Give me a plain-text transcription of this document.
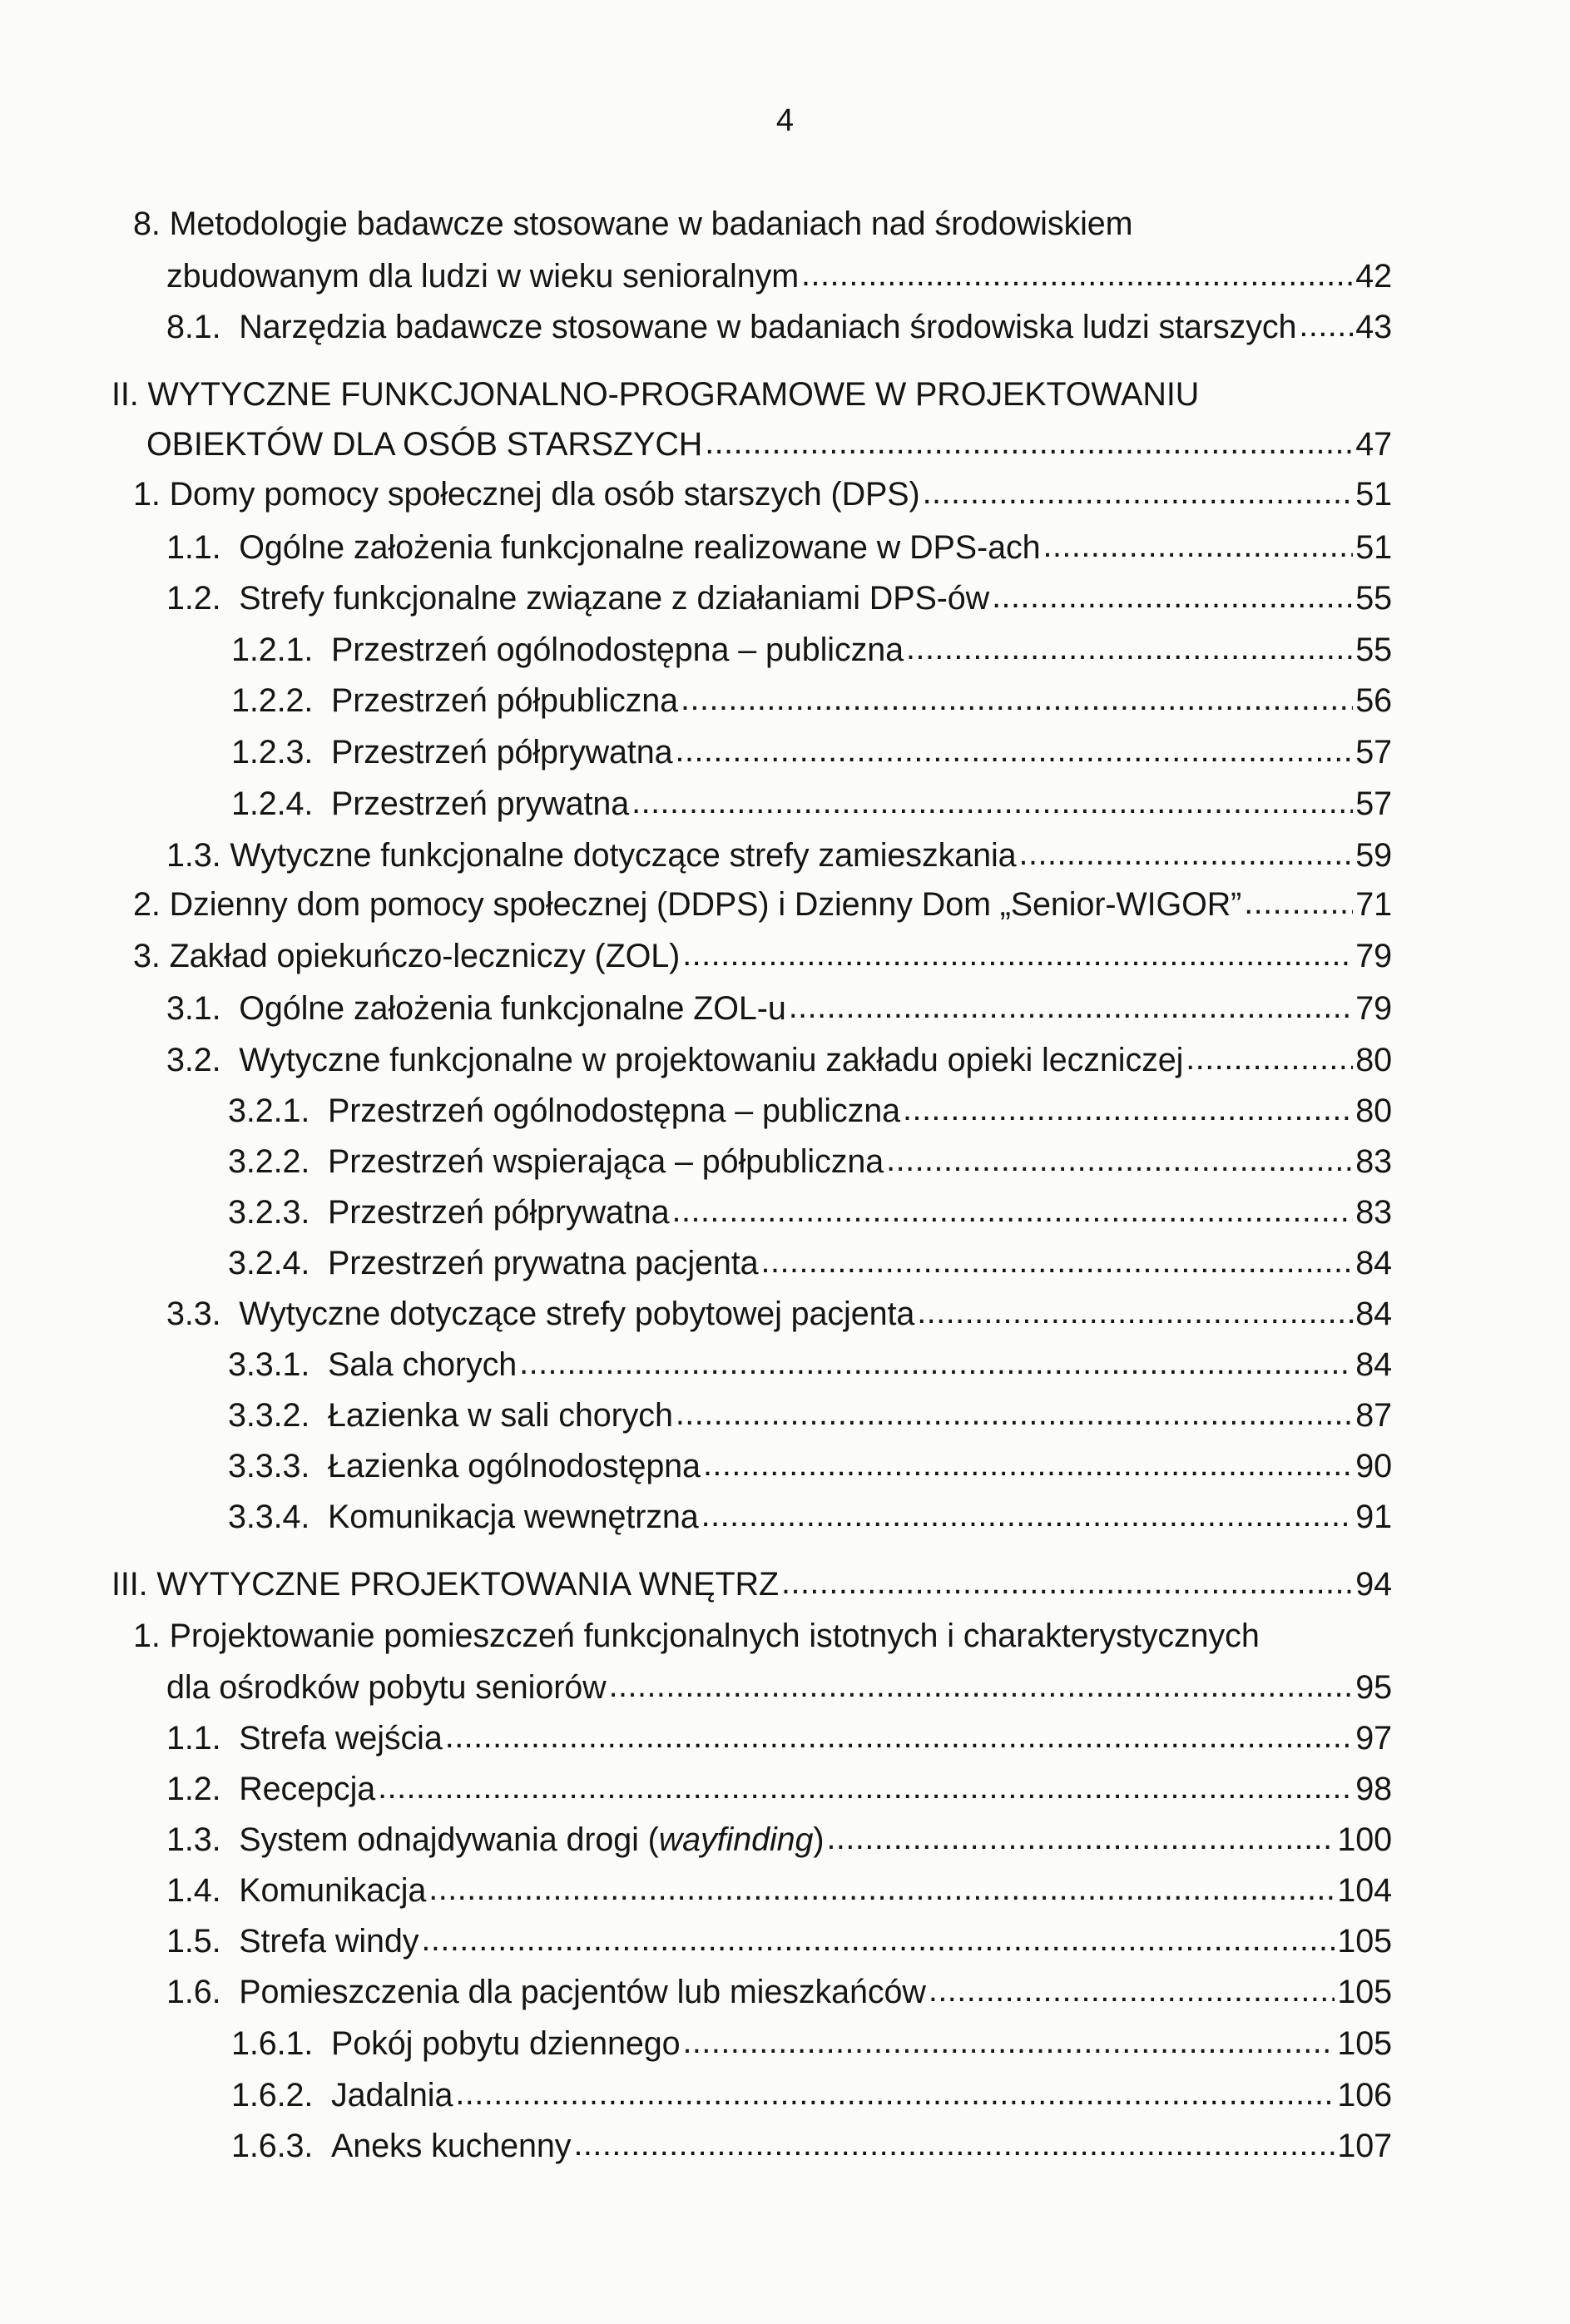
4
8. Metodologie badawcze stosowane w badaniach nad środowiskiem
zbudowanym dla ludzi w wieku senioralnym .....	42
8.1. Narzędzia badawcze stosowane w badaniach środowiska ludzi starszych ..... 43
II. WYTYCZNE FUNKCJONALNO-PROGRAMOWE W PROJEKTOWANIU
OBIEKTÓW DLA OSÓB STARSZYCH .....	47
1. Domy pomocy społecznej dla osób starszych (DPS) .....	51
1.1. Ogólne założenia funkcjonalne realizowane w DPS-ach .....	51
1.2. Strefy funkcjonalne związane z działaniami DPS-ów .....	55
1.2.1. Przestrzeń ogólnodostępna – publiczna .....	55
1.2.2. Przestrzeń półpubliczna .....	56
1.2.3. Przestrzeń półprywatna .....	57
1.2.4. Przestrzeń prywatna .....	57
1.3. Wytyczne funkcjonalne dotyczące strefy zamieszkania .....	59
2. Dzienny dom pomocy społecznej (DDPS) i Dzienny Dom „Senior-WIGOR” .....	71
3. Zakład opiekuńczo-leczniczy (ZOL) .....	79
3.1. Ogólne założenia funkcjonalne ZOL-u .....	79
3.2. Wytyczne funkcjonalne w projektowaniu zakładu opieki leczniczej .....	80
3.2.1. Przestrzeń ogólnodostępna – publiczna .....	80
3.2.2. Przestrzeń wspierająca – półpubliczna .....	83
3.2.3. Przestrzeń półprywatna .....	83
3.2.4. Przestrzeń prywatna pacjenta .....	84
3.3. Wytyczne dotyczące strefy pobytowej pacjenta .....	84
3.3.1. Sala chorych .....	84
3.3.2. Łazienka w sali chorych .....	87
3.3.3. Łazienka ogólnodostępna .....	90
3.3.4. Komunikacja wewnętrzna .....	91
III. WYTYCZNE PROJEKTOWANIA WNĘTRZ .....	94
1. Projektowanie pomieszczeń funkcjonalnych istotnych i charakterystycznych
dla ośrodków pobytu seniorów .....	95
1.1. Strefa wejścia .....	97
1.2. Recepcja .....	98
1.3. System odnajdywania drogi (wayfinding) .....	100
1.4. Komunikacja .....	104
1.5. Strefa windy .....	105
1.6. Pomieszczenia dla pacjentów lub mieszkańców .....	105
1.6.1. Pokój pobytu dziennego .....	105
1.6.2. Jadalnia .....	106
1.6.3. Aneks kuchenny .....	107
